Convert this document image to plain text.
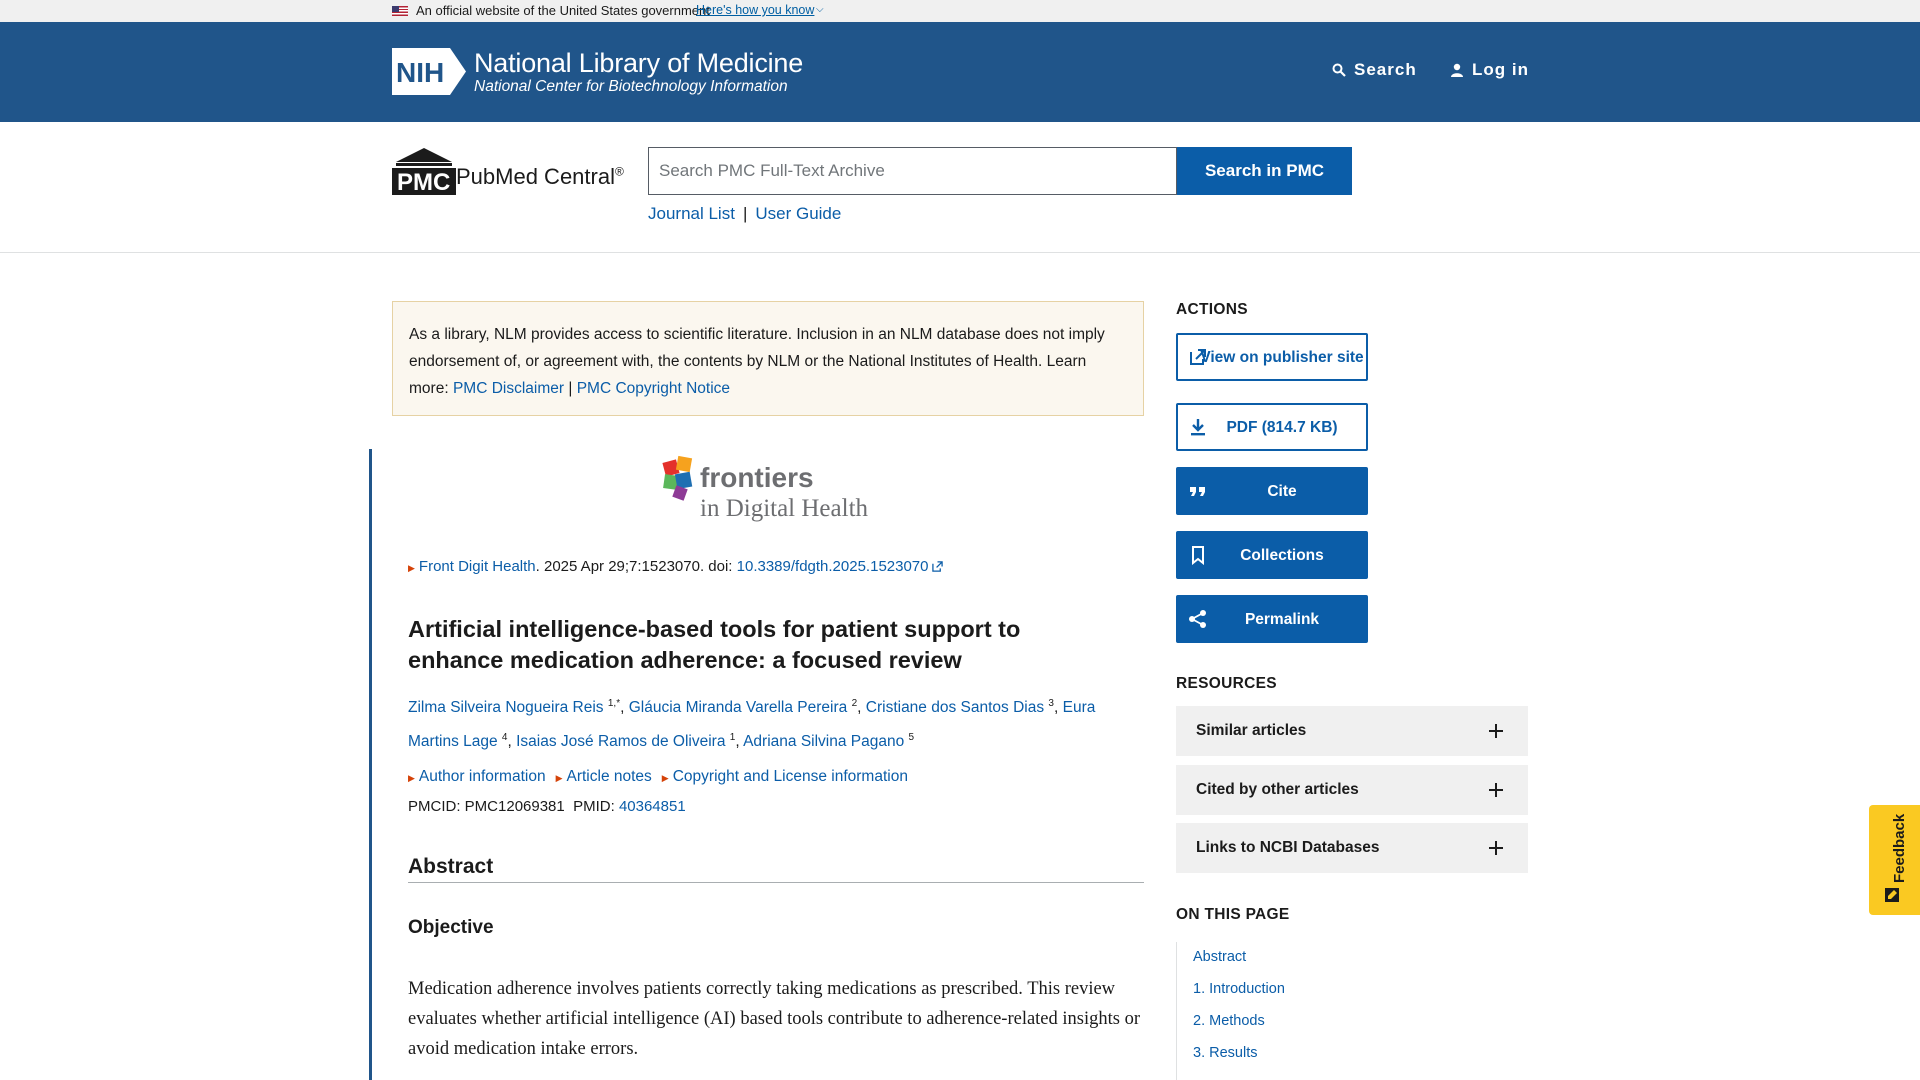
An official website of the United States government
Here's how you know ⌵
NIH National Library of Medicine
National Center for Biotechnology Information
Search	Log in
PMC PubMed Central®
Search PMC Full-Text Archive	Search in PMC
Journal List | User Guide
As a library, NLM provides access to scientific literature. Inclusion in an NLM database does not imply endorsement of, or agreement with, the contents by NLM or the National Institutes of Health. Learn more: PMC Disclaimer | PMC Copyright Notice
frontiers
in Digital Health
▶ Front Digit Health. 2025 Apr 29;7:1523070. doi: 10.3389/fdgth.2025.1523070
Artificial intelligence-based tools for patient support to enhance medication adherence: a focused review
Zilma Silveira Nogueira Reis $^{1,*}$, Gláucia Miranda Varella Pereira $^2$, Cristiane dos Santos Dias $^3$, Eura Martins Lage $^4$, Isaias José Ramos de Oliveira $^1$, Adriana Silvina Pagano $^5$
▶ Author information ▶ Article notes ▶ Copyright and License information
PMCID: PMC12069381 PMID: 40364851
Abstract
Objective

Medication adherence involves patients correctly taking medications as prescribed. This review evaluates whether artificial intelligence (AI) based tools contribute to adherence-related insights or avoid medication intake errors.

ACTIONS
View on publisher site
PDF (814.7 KB)
Cite
Collections
Permalink
RESOURCES
Similar articles
Cited by other articles
Links to NCBI Databases
ON THIS PAGE
Abstract
1. Introduction
2. Methods
3. Results
Feedback
